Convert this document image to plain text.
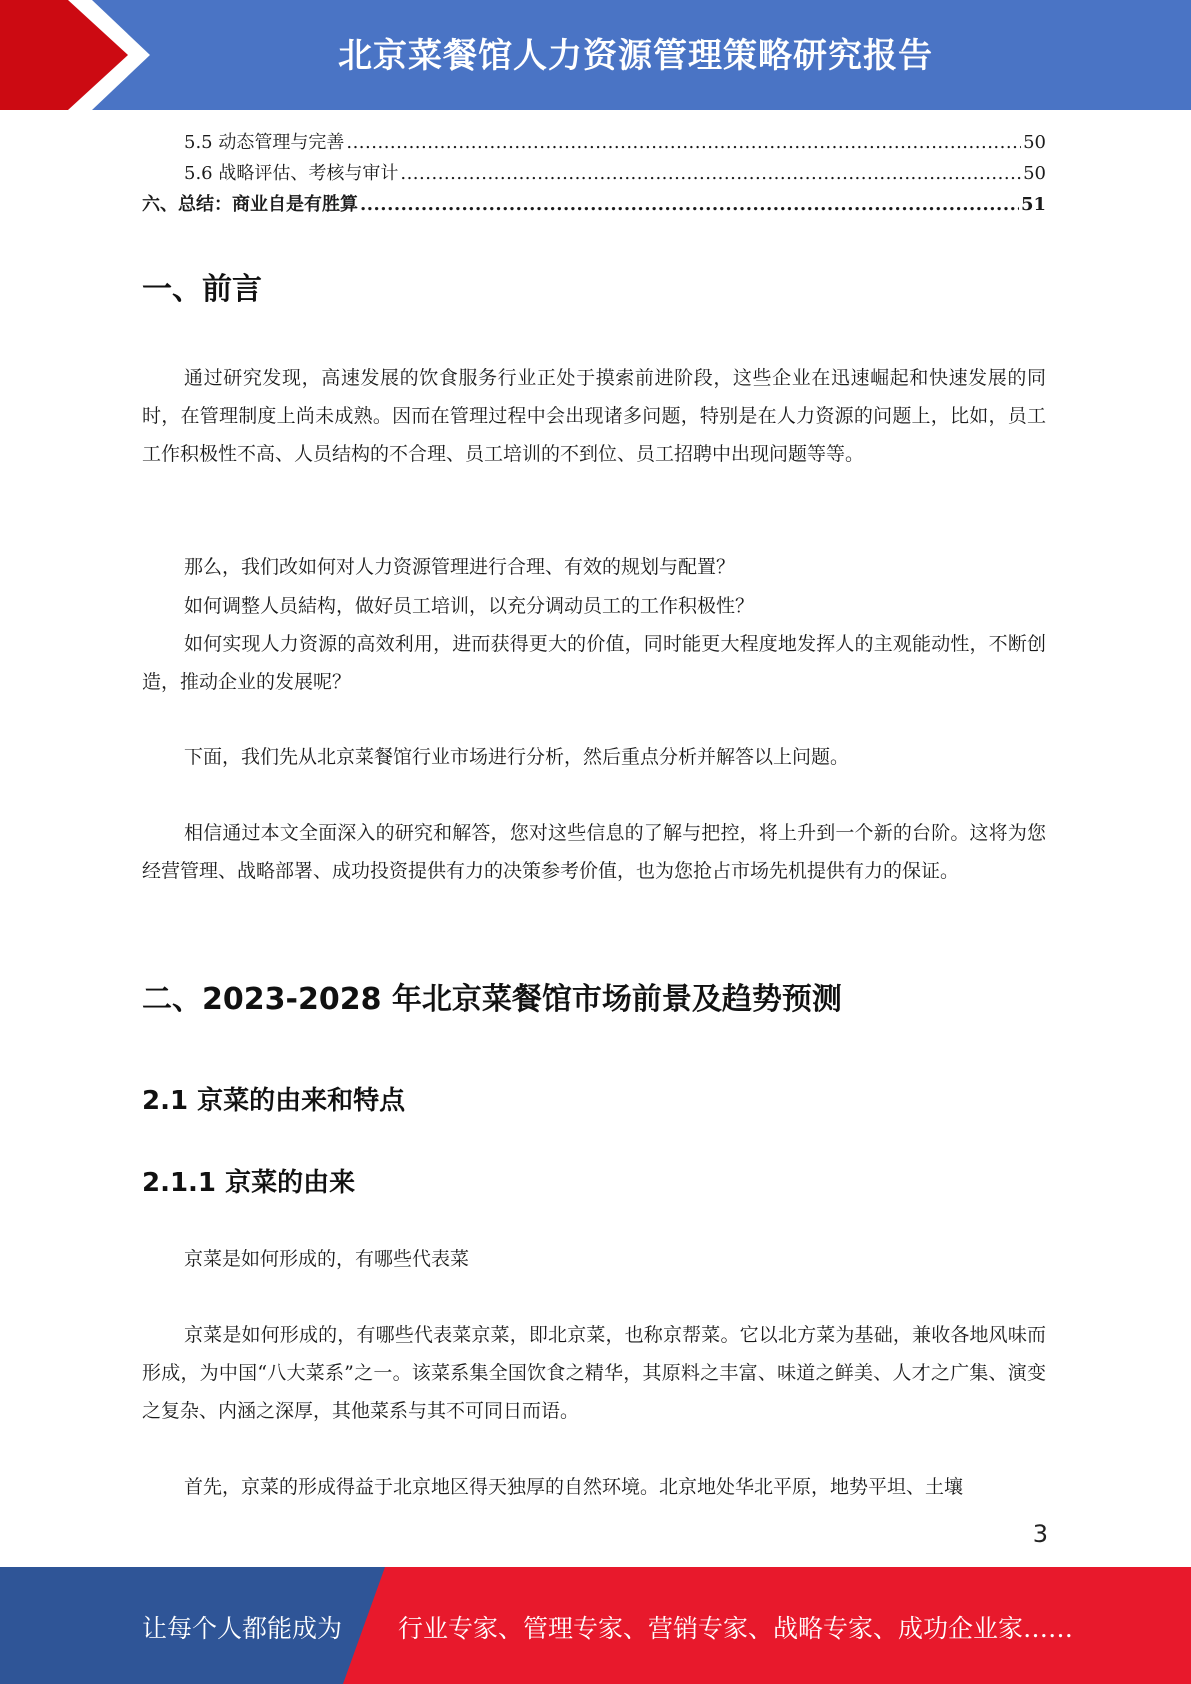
北京菜餐馆人力资源管理策略研究报告
5.5 动态管理与完善 .....	50
5.6 战略评估、考核与审计 .....	50
六、总结：商业自是有胜算 .....	51
一、前言

通过研究发现，高速发展的饮食服务行业正处于摸索前进阶段，这些企业在迅速崛起和快速发展的同时，在管理制度上尚未成熟。因而在管理过程中会出现诸多问题，特别是在人力资源的问题上，比如，员工工作积极性不高、人员结构的不合理、员工培训的不到位、员工招聘中出现问题等等。

那么，我们改如何对人力资源管理进行合理、有效的规划与配置？

如何调整人员結构，做好员工培训，以充分调动员工的工作积极性？

如何实现人力资源的高效利用，进而获得更大的价值，同时能更大程度地发挥人的主观能动性，不断创造，推动企业的发展呢？

下面，我们先从北京菜餐馆行业市场进行分析，然后重点分析并解答以上问题。

相信通过本文全面深入的研究和解答，您对这些信息的了解与把控，将上升到一个新的台阶。这将为您经营管理、战略部署、成功投资提供有力的决策参考价值，也为您抢占市场先机提供有力的保证。

二、2023-2028 年北京菜餐馆市场前景及趋势预测
2.1 京菜的由来和特点
2.1.1 京菜的由来

京菜是如何形成的，有哪些代表菜

京菜是如何形成的，有哪些代表菜京菜，即北京菜，也称京帮菜。它以北方菜为基础，兼收各地风味而形成，为中国“八大菜系”之一。该菜系集全国饮食之精华，其原料之丰富、味道之鲜美、人才之广集、演变之复杂、内涵之深厚，其他菜系与其不可同日而语。

首先，京菜的形成得益于北京地区得天独厚的自然环境。北京地处华北平原，地势平坦、土壤

3
让每个人都能成为 行业专家、管理专家、营销专家、战略专家、成功企业家……
